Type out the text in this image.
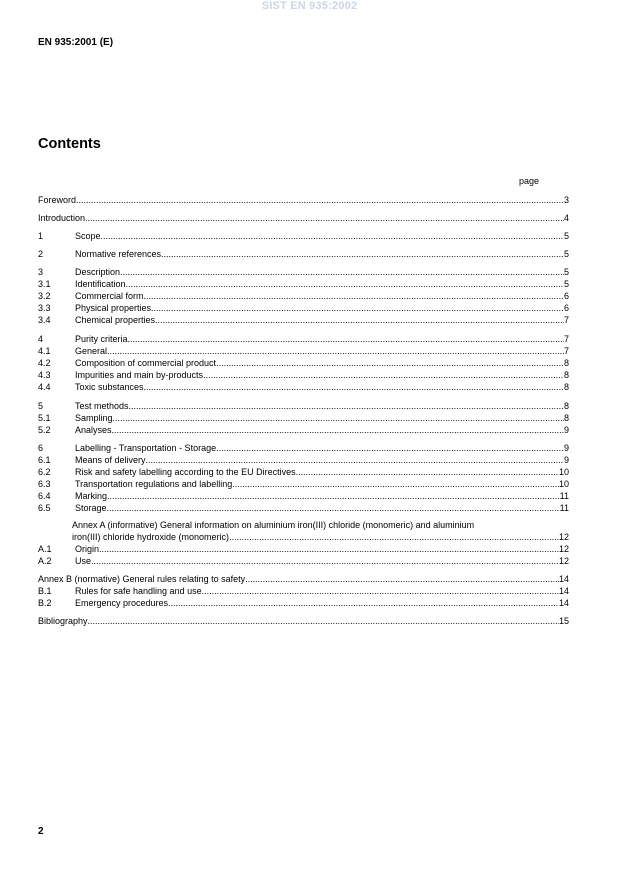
SIST EN 935:2002
EN 935:2001 (E)
Contents
page
Foreword .....	3
Introduction .....	4
1	Scope .....	5
2	Normative references .....	5
3	Description .....	5
3.1	Identification .....	5
3.2	Commercial form .....	6
3.3	Physical properties .....	6
3.4	Chemical properties .....	7
4	Purity criteria .....	7
4.1	General .....	7
4.2	Composition of commercial product .....	8
4.3	Impurities and main by-products .....	8
4.4	Toxic substances .....	8
5	Test methods .....	8
5.1	Sampling .....	8
5.2	Analyses .....	9
6	Labelling - Transportation - Storage .....	9
6.1	Means of delivery .....	9
6.2	Risk and safety labelling according to the EU Directives .....	10
6.3	Transportation regulations and labelling .....	10
6.4	Marking .....	11
6.5	Storage .....	11
Annex A (informative) General information on aluminium iron(III) chloride (monomeric) and aluminium
iron(III) chloride hydroxide (monomeric) .....	12
A.1	Origin .....	12
A.2	Use .....	12
Annex B (normative) General rules relating to safety .....	14
B.1	Rules for safe handling and use .....	14
B.2	Emergency procedures .....	14
Bibliography .....	15
2
